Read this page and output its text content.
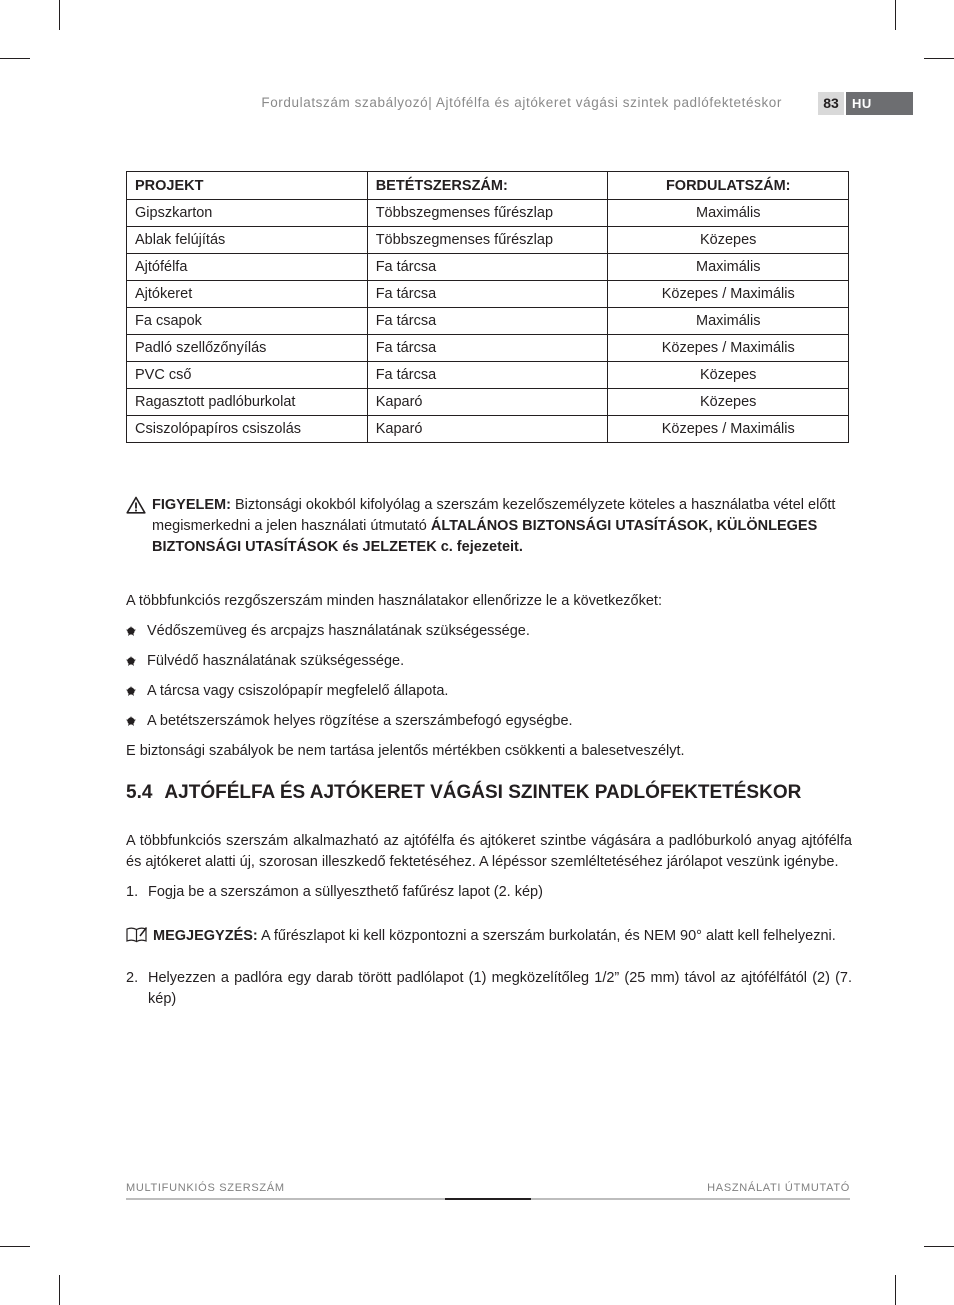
Fordulatszám szabályozó| Ajtófélfa és ajtókeret vágási szintek padlófektetéskor	83	HU
PROJEKT	BETÉTSZERSZÁM:	FORDULATSZÁM:
Gipszkarton	Többszegmenses fűrészlap	Maximális
Ablak felújítás	Többszegmenses fűrészlap	Közepes
Ajtófélfa	Fa tárcsa	Maximális
Ajtókeret	Fa tárcsa	Közepes / Maximális
Fa csapok	Fa tárcsa	Maximális
Padló szellőzőnyílás	Fa tárcsa	Közepes / Maximális
PVC cső	Fa tárcsa	Közepes
Ragasztott padlóburkolat	Kaparó	Közepes
Csiszolópapíros csiszolás	Kaparó	Közepes / Maximális
FIGYELEM: Biztonsági okokból kifolyólag a szerszám kezelőszemélyzete köteles a használatba vétel előtt megismerkedni a jelen használati útmutató ÁLTALÁNOS BIZTONSÁGI UTASÍTÁSOK, KÜLÖNLEGES BIZTONSÁGI UTASÍTÁSOK és JELZETEK c. fejezeteit.
A többfunkciós rezgőszerszám minden használatakor ellenőrizze le a következőket:
Védőszemüveg és arcpajzs használatának szükségessége.
Fülvédő használatának szükségessége.
A tárcsa vagy csiszolópapír megfelelő állapota.
A betétszerszámok helyes rögzítése a szerszámbefogó egységbe.
E biztonsági szabályok be nem tartása jelentős mértékben csökkenti a balesetveszélyt.
5.4 AJTÓFÉLFA ÉS AJTÓKERET VÁGÁSI SZINTEK PADLÓFEKTETÉSKOR
A többfunkciós szerszám alkalmazható az ajtófélfa és ajtókeret szintbe vágására a padlóburkoló anyag ajtófélfa és ajtókeret alatti új, szorosan illeszkedő fektetéséhez. A lépéssor szemléltetéséhez járólapot veszünk igénybe.
1. Fogja be a szerszámon a süllyeszthető fafűrész lapot (2. kép)
MEGJEGYZÉS: A fűrészlapot ki kell központozni a szerszám burkolatán, és NEM 90° alatt kell felhelyezni.
2. Helyezzen a padlóra egy darab törött padlólapot (1) megközelítőleg 1/2” (25 mm) távol az ajtófélfától (2) (7. kép)
MULTIFUNKIÓS SZERSZÁM	HASZNÁLATI ÚTMUTATÓ
